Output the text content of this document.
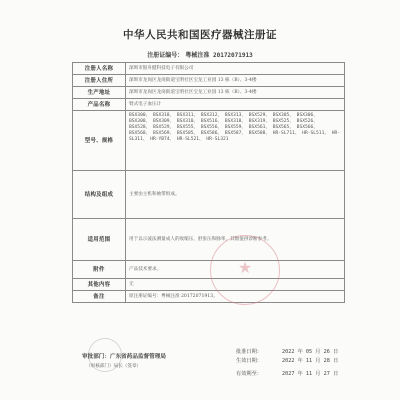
中华人民共和国医疗器械注册证
注册证编号： 粤械注准 20172071913
注册人名称	深圳市银舟健科技电子有限公司
注册人住所	深圳市龙岗区龙岗街道宝明社区宝龙工业园 13 栋（B）、3-4楼
生产地址	深圳市龙岗区龙岗街道宝明社区宝龙工业园 13 栋（B）、3-4楼
产品名称	臂式电子血压计
型号、规格	BSX300、 BSX318、 BSX311、 BSX312、 BSX313、 BSX529、 BSX305、 BSX306、 BSX308、 BSX309、 BSX310、 BSX516、 BSX318、 BSX319、 BSX525、 BSX526、 BSX528、 BSX529、 BSX555、 BSX556、 BSX559、 BSX561、 BSX565、 BSX566、 BSX568、 BSX569、 BSX585、 BSX586、 BSX587、 BSX588、 HR-SL711、 HR-SL511、 HR-SL311、 HR-YB74、 HR-SL521、 HR-SL321
结构及组成	主要由主机和袖带组成。
适用范围	用于以示波法测量成人的收缩压、舒张压和脉率，其数值供诊断参考。
附件	产品技术要求。
其他内容	无
备注	原注册证编号：粤械注准 20172071913。
★
审批部门：广东省药品监督管理局
（审核部门）局长（签章）
批准日期：	2022 年 05 月 26 日
生效日期：	2022 年 11 月 28 日
有效期至：	2027 年 11 月 27 日
